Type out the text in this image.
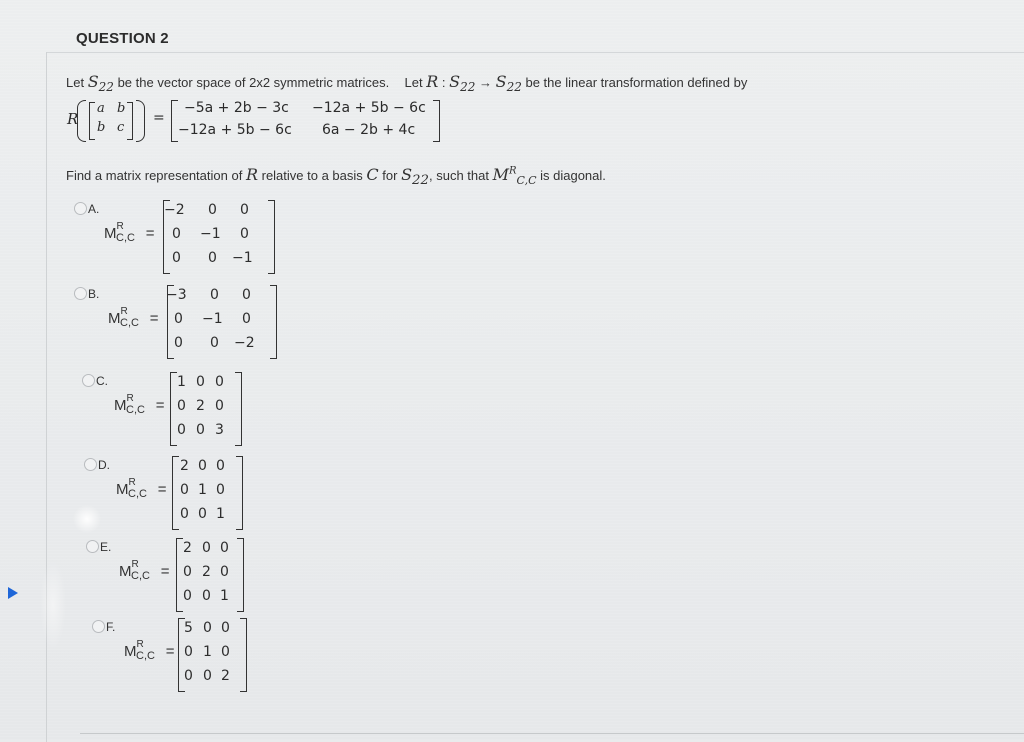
QUESTION 2
Let $S_{22}$ be the vector space of 2x2 symmetric matrices. Let R : $S_{22} \to S_{22}$ be the linear transformation defined by
R
a b
b c
=
−5a + 2b − 3c −12a + 5b − 6c
−12a + 5b − 6c 6a − 2b + 4c
Find a matrix representation of R relative to a basis C for $S_{22}$, such that $M^R_{C,C}$ is diagonal.
A.
$M^R$
C,C =
−2 0 0
0 −1 0
0 0 −1
B.
$M^R$
C,C =
−3 0 0
0 −1 0
0 0 −2
C.
$M^R$
C,C =
1 0 0
0 2 0
0 0 3
D.
$M^R$
C,C =
2 0 0
0 1 0
0 0 1
E.
$M^R$
C,C =
2 0 0
0 2 0
0 0 1
F.
$M^R$
C,C =
5 0 0
0 1 0
0 0 2
